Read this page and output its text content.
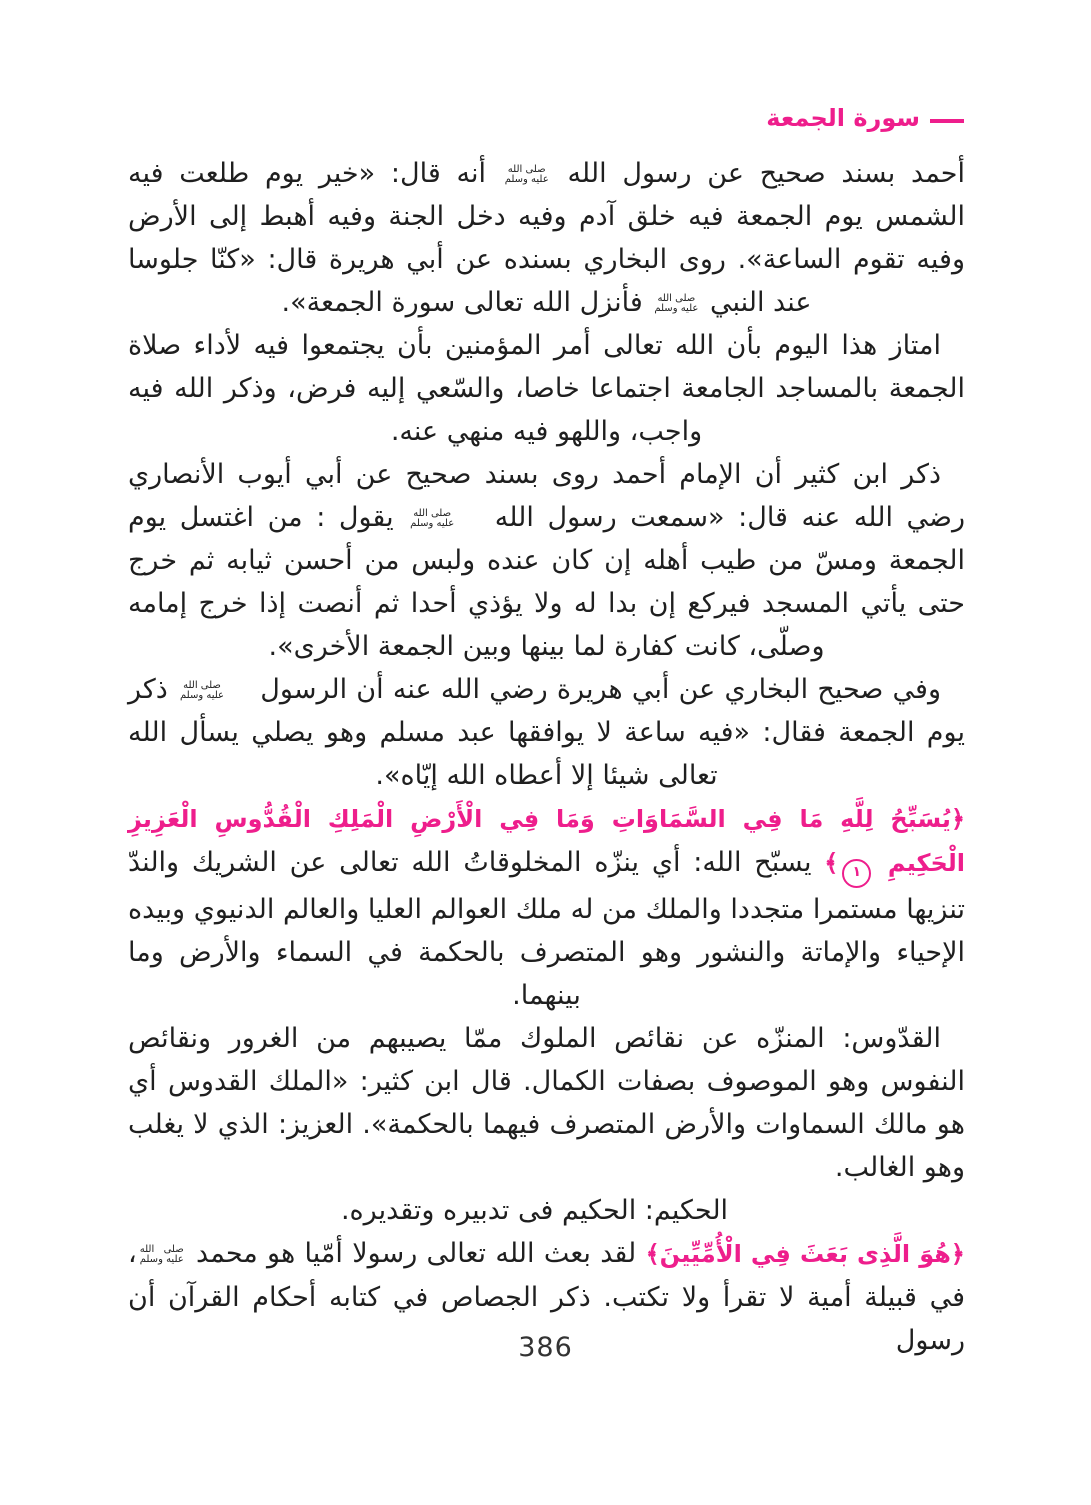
سورة الجمعة

أحمد بسند صحيح عن رسول الله
صلى الله
عليه وسلم
أنه قال: «خير يوم طلعت فيه الشمس يوم الجمعة فيه خلق آدم وفيه دخل الجنة وفيه أهبط إلى الأرض وفيه تقوم الساعة». روى البخاري بسنده عن أبي هريرة قال: «كنّا جلوسا عند النبي
صلى الله
عليه وسلم
فأنزل الله تعالى سورة الجمعة».

امتاز هذا اليوم بأن الله تعالى أمر المؤمنين بأن يجتمعوا فيه لأداء صلاة الجمعة بالمساجد الجامعة اجتماعا خاصا، والسّعي إليه فرض، وذكر الله فيه واجب، واللهو فيه منهي عنه.

ذكر ابن كثير أن الإمام أحمد روى بسند صحيح عن أبي أيوب الأنصاري رضي الله عنه قال: «سمعت رسول الله
صلى الله
عليه وسلم
يقول : من اغتسل يوم الجمعة ومسّ من طيب أهله إن كان عنده ولبس من أحسن ثيابه ثم خرج حتى يأتي المسجد فيركع إن بدا له ولا يؤذي أحدا ثم أنصت إذا خرج إمامه وصلّى، كانت كفارة لما بينها وبين الجمعة الأخرى».

وفي صحيح البخاري عن أبي هريرة رضي الله عنه أن الرسول
صلى الله
عليه وسلم
ذكر يوم الجمعة فقال: «فيه ساعة لا يوافقها عبد مسلم وهو يصلي يسأل الله تعالى شيئا إلا أعطاه الله إيّاه».

﴿يُسَبِّحُ لِلَّهِ مَا فِي السَّمَاوَاتِ وَمَا فِي الْأَرْضِ الْمَلِكِ الْقُدُّوسِ الْعَزِيزِ الْحَكِيمِ ١﴾ يسبّح الله: أي ينزّه المخلوقاتُ الله تعالى عن الشريك والندّ تنزيها مستمرا متجددا والملك من له ملك العوالم العليا والعالم الدنيوي وبيده الإحياء والإماتة والنشور وهو المتصرف بالحكمة في السماء والأرض وما بينهما.

القدّوس: المنزّه عن نقائص الملوك ممّا يصيبهم من الغرور ونقائص النفوس وهو الموصوف بصفات الكمال. قال ابن كثير: «الملك القدوس أي هو مالك السماوات والأرض المتصرف فيهما بالحكمة». العزيز: الذي لا يغلب وهو الغالب.

الحكيم: الحكيم فى تدبيره وتقديره.

﴿هُوَ الَّذِى بَعَثَ فِي الْأُمِّيِّينَ﴾ لقد بعث الله تعالى رسولا أمّيا هو محمد
صلى الله
عليه وسلم
، في قبيلة أمية لا تقرأ ولا تكتب. ذكر الجصاص في كتابه أحكام القرآن أن رسول

386
